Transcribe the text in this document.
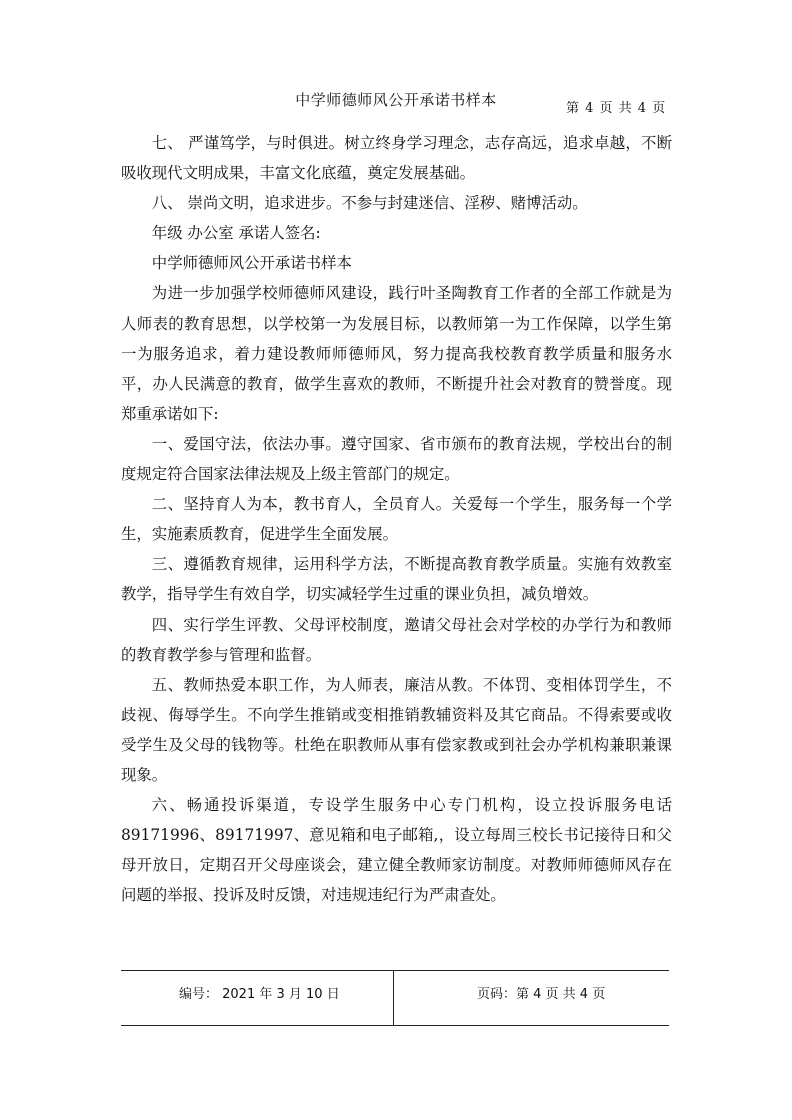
中学师德师风公开承诺书样本	第 4 页 共 4 页

七、 严谨笃学，与时俱进。树立终身学习理念，志存高远，追求卓越，不断吸收现代文明成果，丰富文化底蕴，奠定发展基础。

八、 崇尚文明，追求进步。不参与封建迷信、淫秽、赌博活动。

年级 办公室 承诺人签名:

中学师德师风公开承诺书样本

为进一步加强学校师德师风建设，践行叶圣陶教育工作者的全部工作就是为人师表的教育思想，以学校第一为发展目标，以教师第一为工作保障，以学生第一为服务追求，着力建设教师师德师风，努力提高我校教育教学质量和服务水平，办人民满意的教育，做学生喜欢的教师，不断提升社会对教育的赞誉度。现郑重承诺如下:

一、爱国守法，依法办事。遵守国家、省市颁布的教育法规，学校出台的制度规定符合国家法律法规及上级主管部门的规定。

二、坚持育人为本，教书育人，全员育人。关爱每一个学生，服务每一个学生，实施素质教育，促进学生全面发展。

三、遵循教育规律，运用科学方法，不断提高教育教学质量。实施有效教室教学，指导学生有效自学，切实减轻学生过重的课业负担，减负增效。

四、实行学生评教、父母评校制度，邀请父母社会对学校的办学行为和教师的教育教学参与管理和监督。

五、教师热爱本职工作，为人师表，廉洁从教。不体罚、变相体罚学生，不歧视、侮辱学生。不向学生推销或变相推销教辅资料及其它商品。不得索要或收受学生及父母的钱物等。杜绝在职教师从事有偿家教或到社会办学机构兼职兼课现象。

六、畅通投诉渠道，专设学生服务中心专门机构，设立投诉服务电话 89171996、89171997、意见箱和电子邮箱,，设立每周三校长书记接待日和父母开放日，定期召开父母座谈会，建立健全教师家访制度。对教师师德师风存在问题的举报、投诉及时反馈，对违规违纪行为严肃查处。

编号： 2021 年 3 月 10 日	页码：第 4 页 共 4 页
